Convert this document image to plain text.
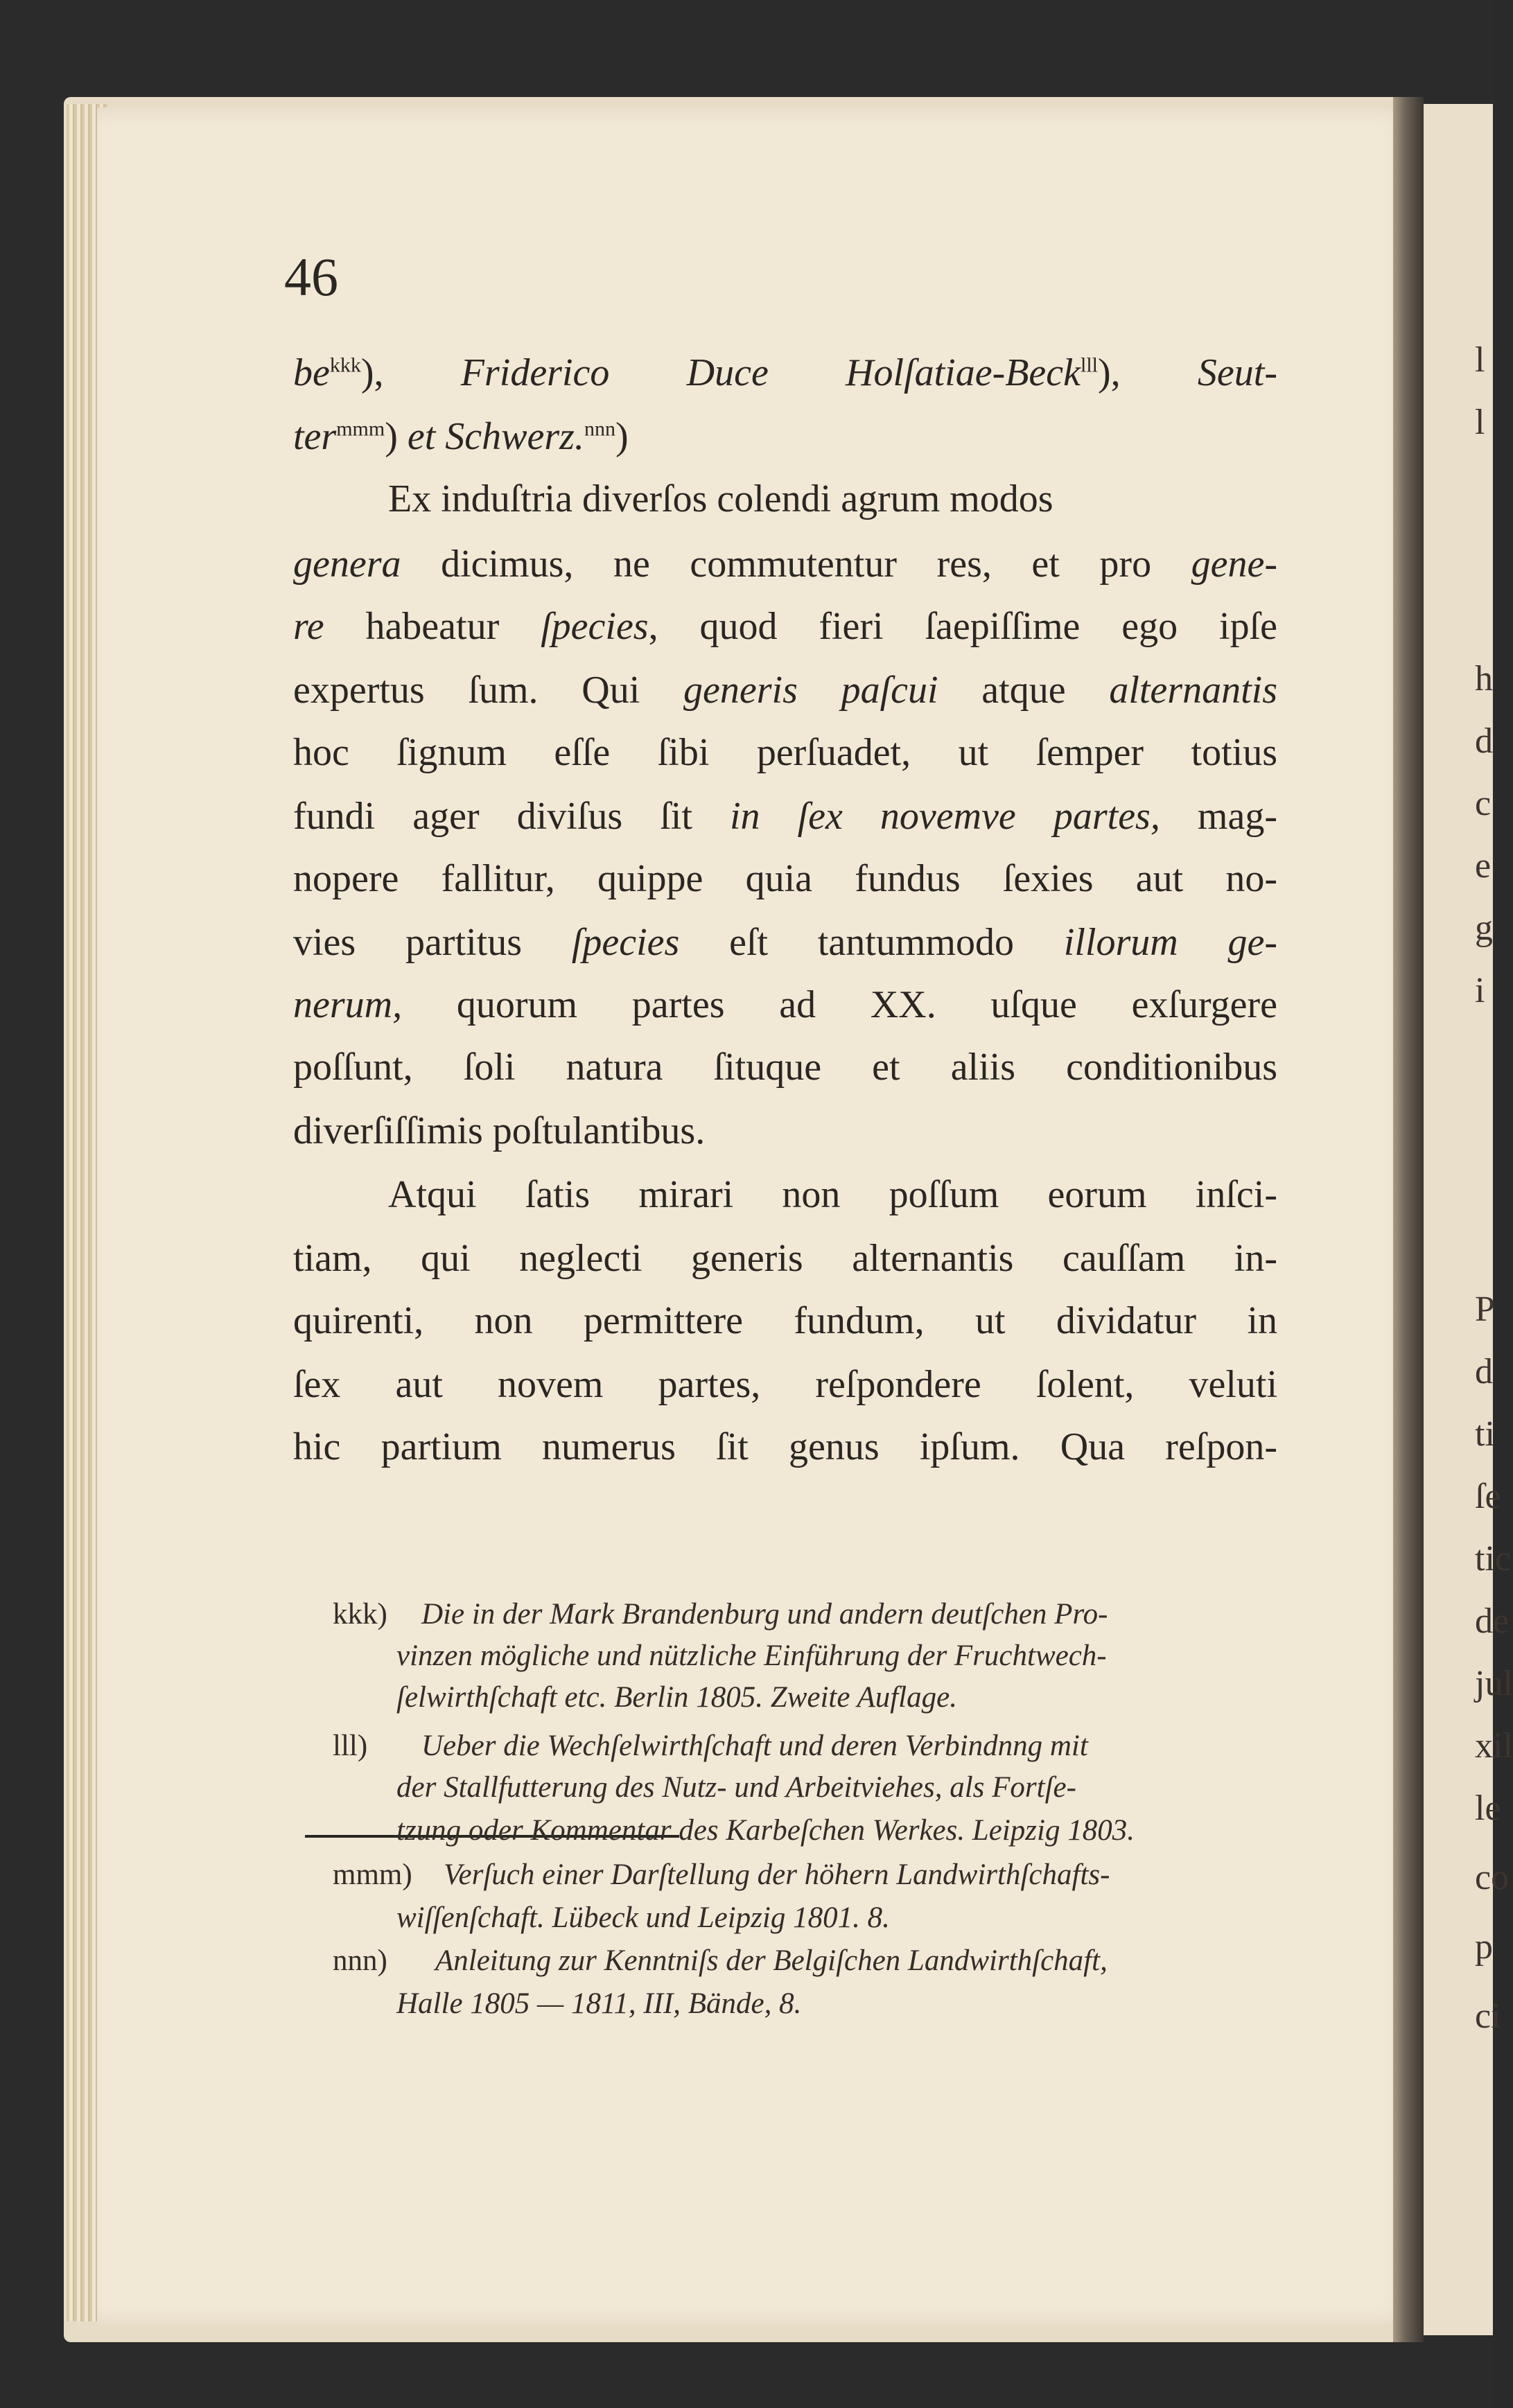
l
l
h
d
c
e
g
i
P
d
ti
ſe
tic
de
jul
xil
le
co
p
ci
46
$be^{kkk}$), Friderico Duce Holſatiae-Beck$^{lll}$), Seut-
ter$^{mmm}$) et Schwerz.$^{nnn}$)
Ex induſtria diverſos colendi agrum modos
genera dicimus, ne commutentur res, et pro gene-
re habeatur ſpecies, quod fieri ſaepiſſime ego ipſe
expertus ſum. Qui generis paſcui atque alternantis
hoc ſignum eſſe ſibi perſuadet, ut ſemper totius
fundi ager diviſus ſit in ſex novemve partes, mag-
nopere fallitur, quippe quia fundus ſexies aut no-
vies partitus ſpecies eſt tantummodo illorum ge-
nerum, quorum partes ad XX. uſque exſurgere
poſſunt, ſoli natura ſituque et aliis conditionibus
diverſiſſimis poſtulantibus.
Atqui ſatis mirari non poſſum eorum inſci-
tiam, qui neglecti generis alternantis cauſſam in-
quirenti, non permittere fundum, ut dividatur in
ſex aut novem partes, reſpondere ſolent, veluti
hic partium numerus ſit genus ipſum. Qua reſpon-
kkk) Die in der Mark Brandenburg und andern deutſchen Pro-
vinzen mögliche und nützliche Einführung der Fruchtwech-
ſelwirthſchaft etc. Berlin 1805. Zweite Auflage.
lll) Ueber die Wechſelwirthſchaft und deren Verbindnng mit
der Stallfutterung des Nutz- und Arbeitviehes, als Fortſe-
tzung oder Kommentar des Karbeſchen Werkes. Leipzig 1803.
mmm) Verſuch einer Darſtellung der höhern Landwirthſchafts-
wiſſenſchaft. Lübeck und Leipzig 1801. 8.
nnn) Anleitung zur Kenntniſs der Belgiſchen Landwirthſchaft,
Halle 1805 — 1811, III, Bände, 8.
